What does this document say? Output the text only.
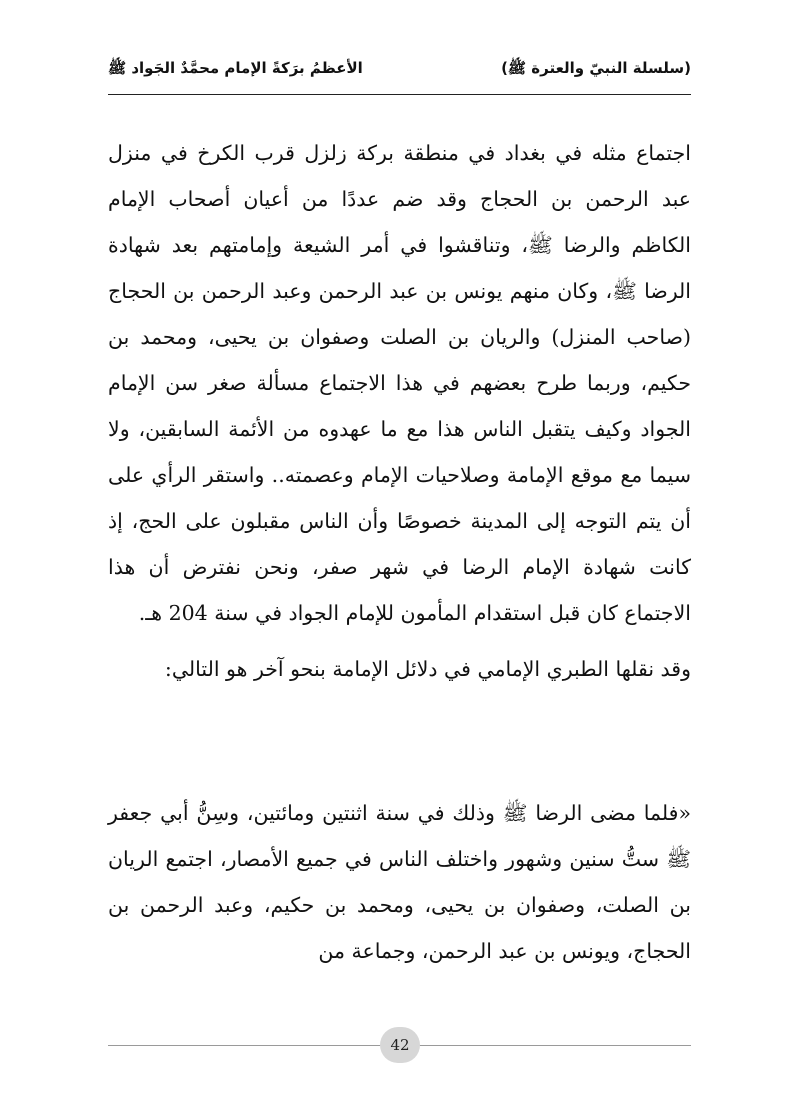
(سلسلة النبيّ والعترة ﷺ)
الأعظمُ برَكةً الإمام محمَّدٌ الجَواد ﷺ

اجتماع مثله في بغداد في منطقة بركة زلزل قرب الكرخ في منزل عبد الرحمن بن الحجاج وقد ضم عددًا من أعيان أصحاب الإمام الكاظم والرضا ﷺ، وتناقشوا في أمر الشيعة وإمامتهم بعد شهادة الرضا ﷺ، وكان منهم يونس بن عبد الرحمن وعبد الرحمن بن الحجاج (صاحب المنزل) والريان بن الصلت وصفوان بن يحيى، ومحمد بن حكيم، وربما طرح بعضهم في هذا الاجتماع مسألة صغر سن الإمام الجواد وكيف يتقبل الناس هذا مع ما عهدوه من الأئمة السابقين، ولا سيما مع موقع الإمامة وصلاحيات الإمام وعصمته.. واستقر الرأي على أن يتم التوجه إلى المدينة خصوصًا وأن الناس مقبلون على الحج، إذ كانت شهادة الإمام الرضا في شهر صفر، ونحن نفترض أن هذا الاجتماع كان قبل استقدام المأمون للإمام الجواد في سنة 204 هـ.

وقد نقلها الطبري الإمامي في دلائل الإمامة بنحو آخر هو التالي:

«فلما مضى الرضا ﷺ وذلك في سنة اثنتين ومائتين، وسِنُّ أبي جعفر ﷺ ستُّ سنين وشهور واختلف الناس في جميع الأمصار، اجتمع الريان بن الصلت، وصفوان بن يحيى، ومحمد بن حكيم، وعبد الرحمن بن الحجاج، ويونس بن عبد الرحمن، وجماعة من

42
